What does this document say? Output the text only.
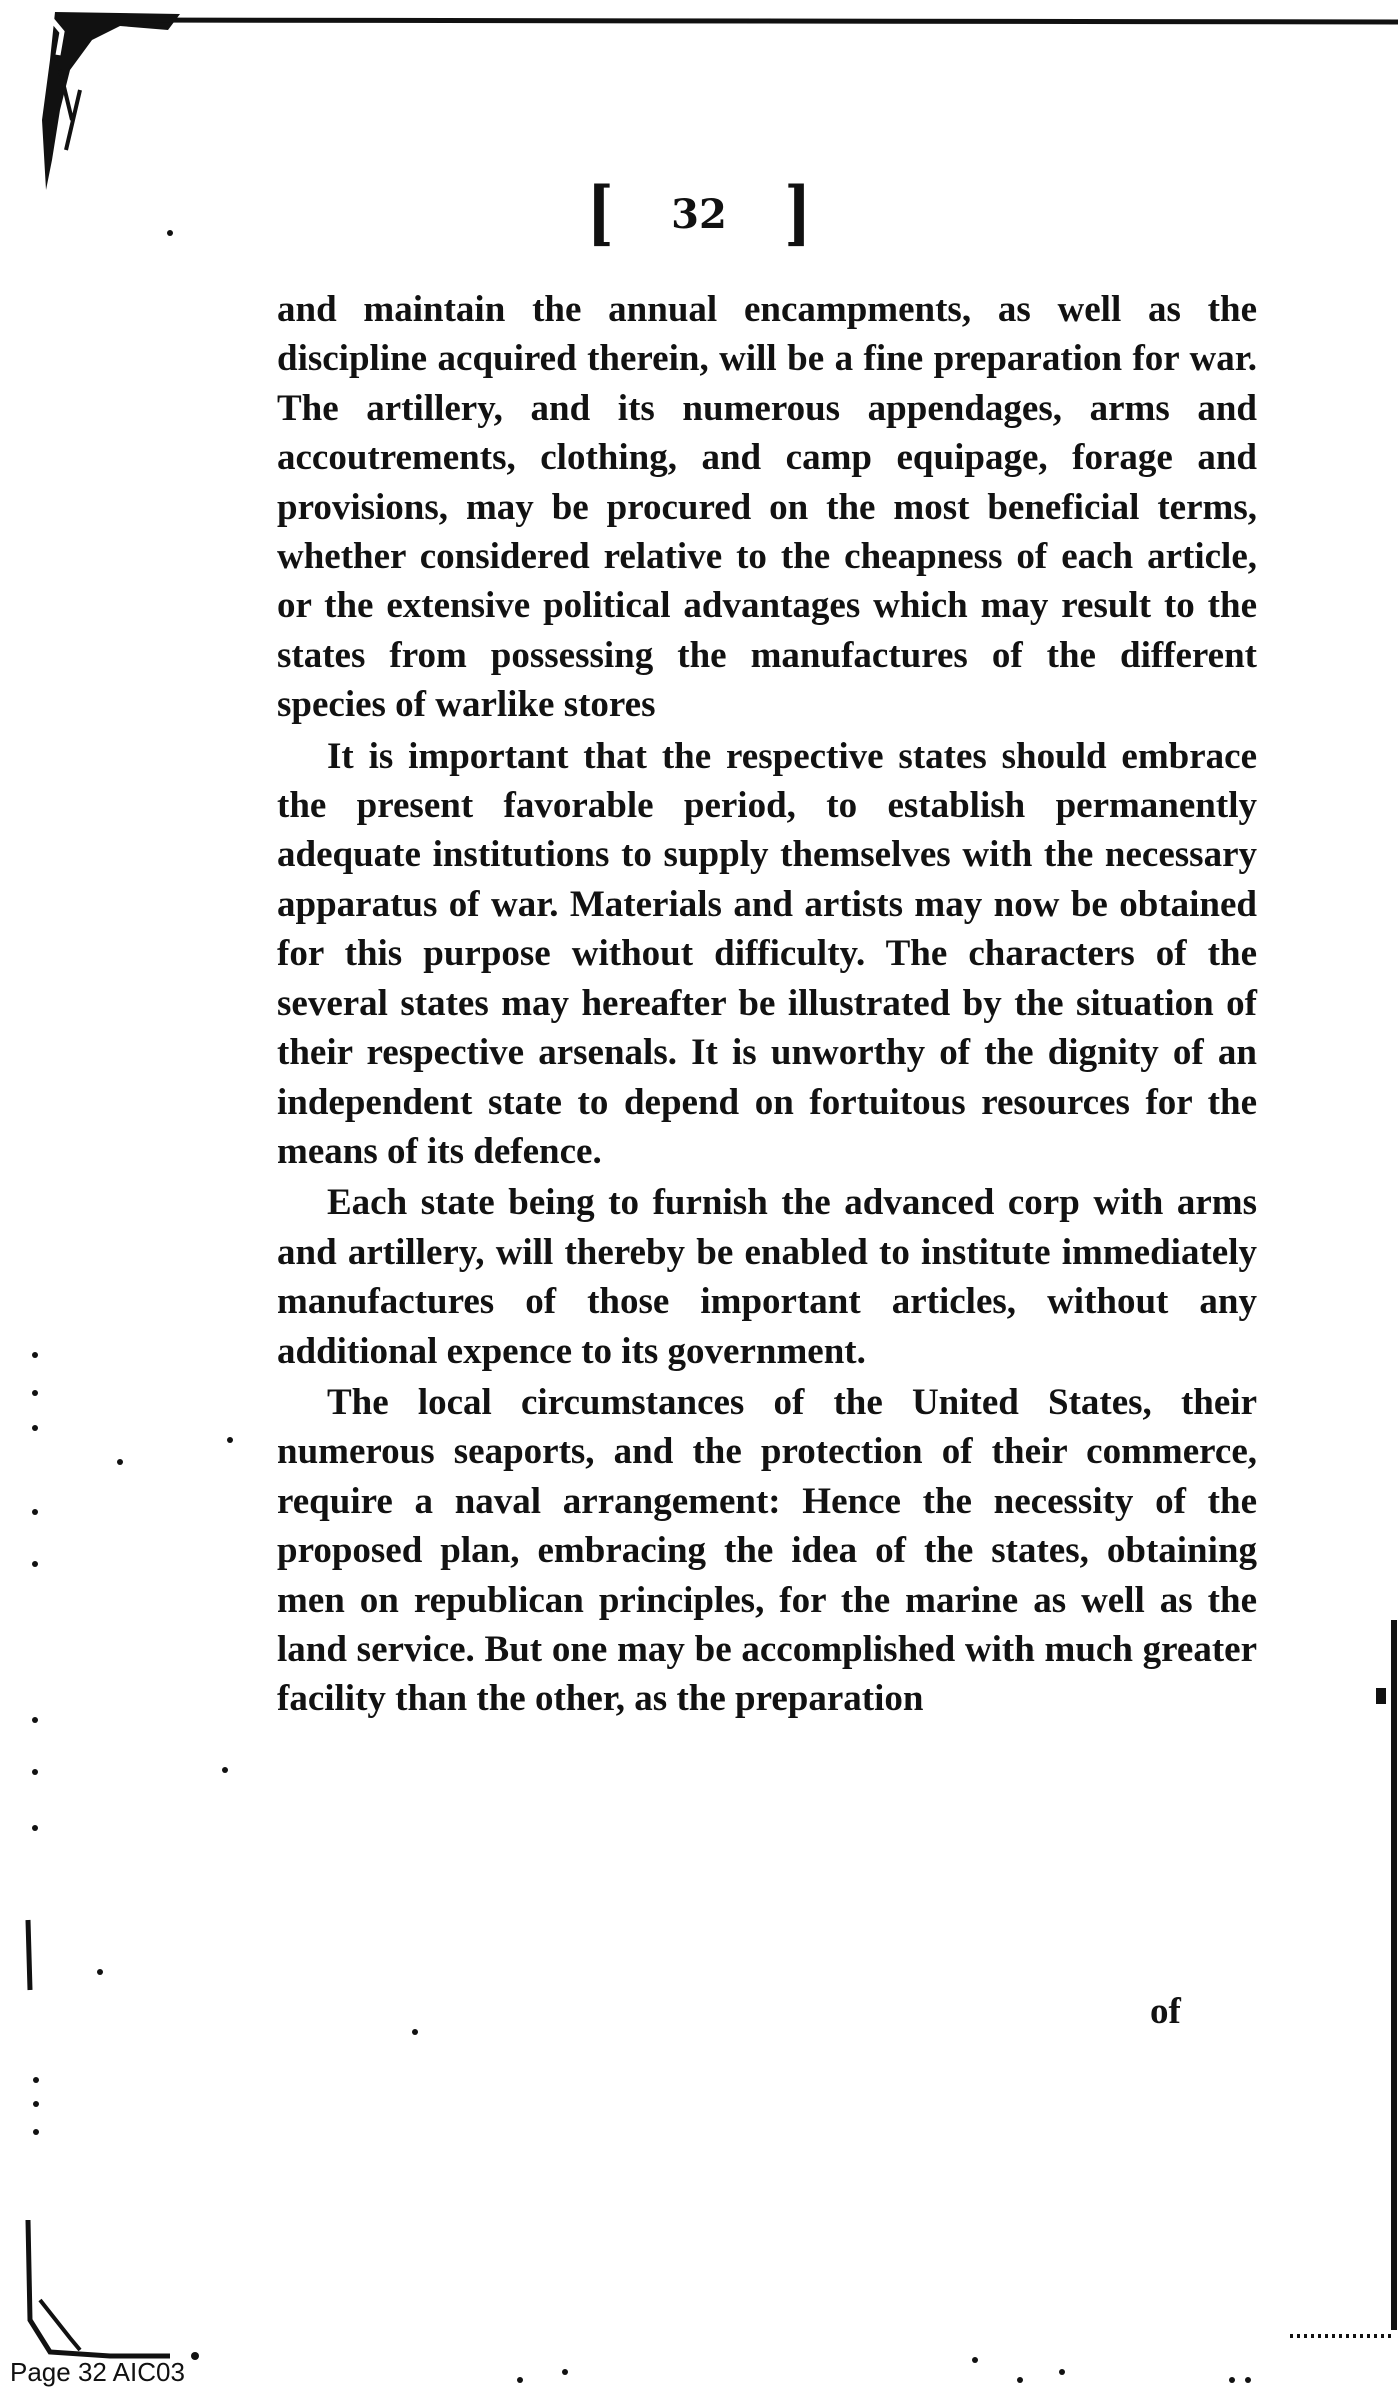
[ 32 ]

and maintain the annual encampments, as well as the discipline acquired therein, will be a fine preparation for war. The artillery, and its numerous appendages, arms and accoutrements, clothing, and camp equipage, forage and provisions, may be procured on the most beneficial terms, whether considered relative to the cheapness of each article, or the extensive political advantages which may result to the states from possessing the manufactures of the different species of warlike stores

It is important that the respective states should embrace the present favorable period, to establish permanently adequate institutions to supply themselves with the necessary apparatus of war. Materials and artists may now be obtained for this purpose without difficulty. The characters of the several states may hereafter be illustrated by the situation of their respective arsenals. It is unworthy of the dignity of an independent state to depend on fortuitous resources for the means of its defence.

Each state being to furnish the advanced corp with arms and artillery, will thereby be enabled to institute immediately manufactures of those important articles, without any additional expence to its government.

The local circumstances of the United States, their numerous seaports, and the protection of their commerce, require a naval arrangement: Hence the necessity of the proposed plan, embracing the idea of the states, obtaining men on republican principles, for the marine as well as the land service. But one may be accomplished with much greater facility than the other, as the preparation

of
Page 32 AIC03
